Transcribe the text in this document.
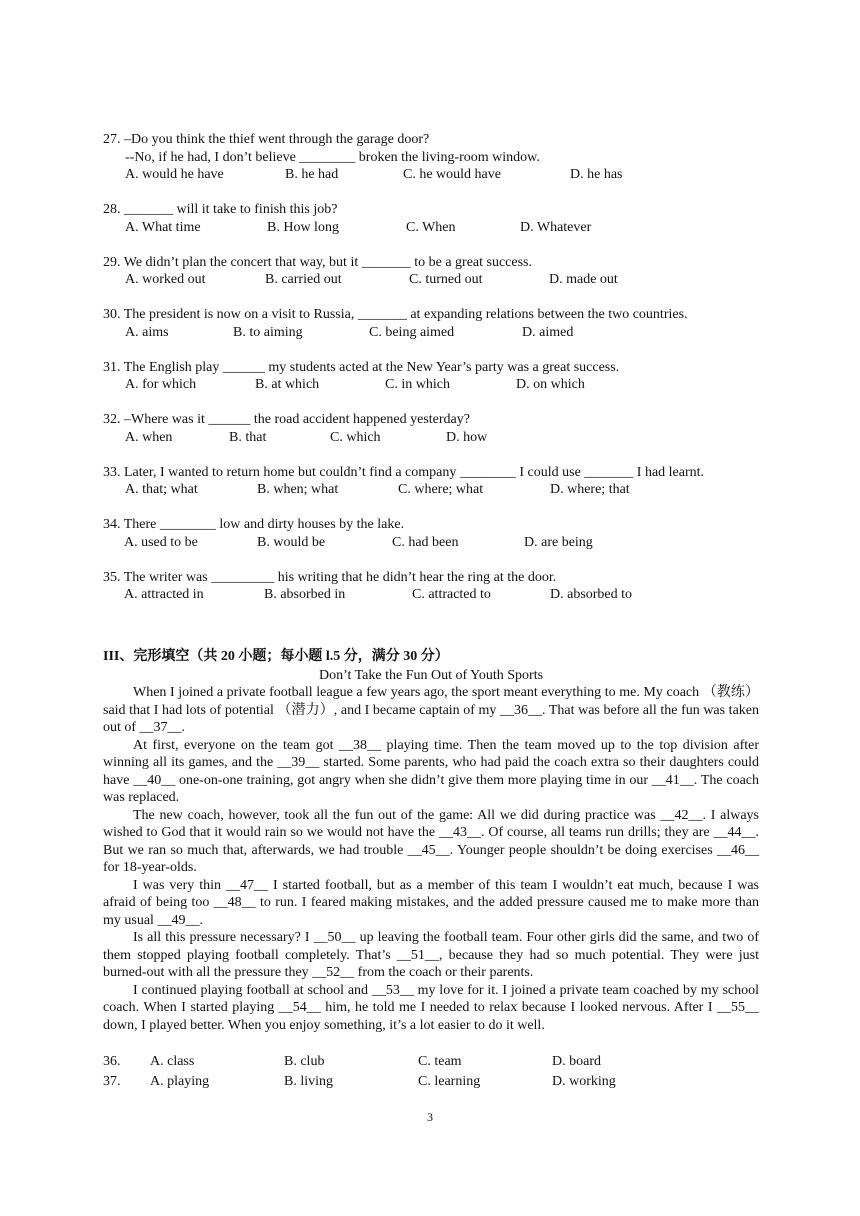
27. –Do you think the thief went through the garage door?
--No, if he had, I don’t believe ________ broken the living-room window.
A. would he have	B. he had	C. he would have	D. he has
28. _______ will it take to finish this job?
A. What time	B. How long	C. When	D. Whatever
29. We didn’t plan the concert that way, but it _______ to be a great success.
A. worked out	B. carried out	C. turned out	D. made out
30. The president is now on a visit to Russia, _______ at expanding relations between the two countries.
A. aims	B. to aiming	C. being aimed	D. aimed
31. The English play ______ my students acted at the New Year’s party was a great success.
A. for which	B. at which	C. in which	D. on which
32. –Where was it ______ the road accident happened yesterday?
A. when	B. that	C. which	D. how
33. Later, I wanted to return home but couldn’t find a company ________ I could use _______ I had learnt.
A. that; what	B. when; what	C. where; what	D. where; that
34. There ________ low and dirty houses by the lake.
A. used to be	B. would be	C. had been	D. are being
35. The writer was _________ his writing that he didn’t hear the ring at the door.
A. attracted in	B. absorbed in	C. attracted to	D. absorbed to
III、完形填空（共 20 小题；每小题 l.5 分，满分 30 分）
Don’t Take the Fun Out of Youth Sports

When I joined a private football league a few years ago, the sport meant everything to me. My coach （教练）said that I had lots of potential （潜力）, and I became captain of my __36__. That was before all the fun was taken out of __37__.

At first, everyone on the team got __38__ playing time. Then the team moved up to the top division after winning all its games, and the __39__ started. Some parents, who had paid the coach extra so their daughters could have __40__ one-on-one training, got angry when she didn’t give them more playing time in our __41__. The coach was replaced.

The new coach, however, took all the fun out of the game: All we did during practice was __42__. I always wished to God that it would rain so we would not have the __43__. Of course, all teams run drills; they are __44__. But we ran so much that, afterwards, we had trouble __45__. Younger people shouldn’t be doing exercises __46__ for 18-year-olds.

I was very thin __47__ I started football, but as a member of this team I wouldn’t eat much, because I was afraid of being too __48__ to run. I feared making mistakes, and the added pressure caused me to make more than my usual __49__.

Is all this pressure necessary? I __50__ up leaving the football team. Four other girls did the same, and two of them stopped playing football completely. That’s __51__, because they had so much potential. They were just burned-out with all the pressure they __52__ from the coach or their parents.

I continued playing football at school and __53__ my love for it. I joined a private team coached by my school coach. When I started playing __54__ him, he told me I needed to relax because I looked nervous. After I __55__ down, I played better. When you enjoy something, it’s a lot easier to do it well.

36. A. class	B. club	C. team	D. board
37. A. playing	B. living	C. learning	D. working
3
